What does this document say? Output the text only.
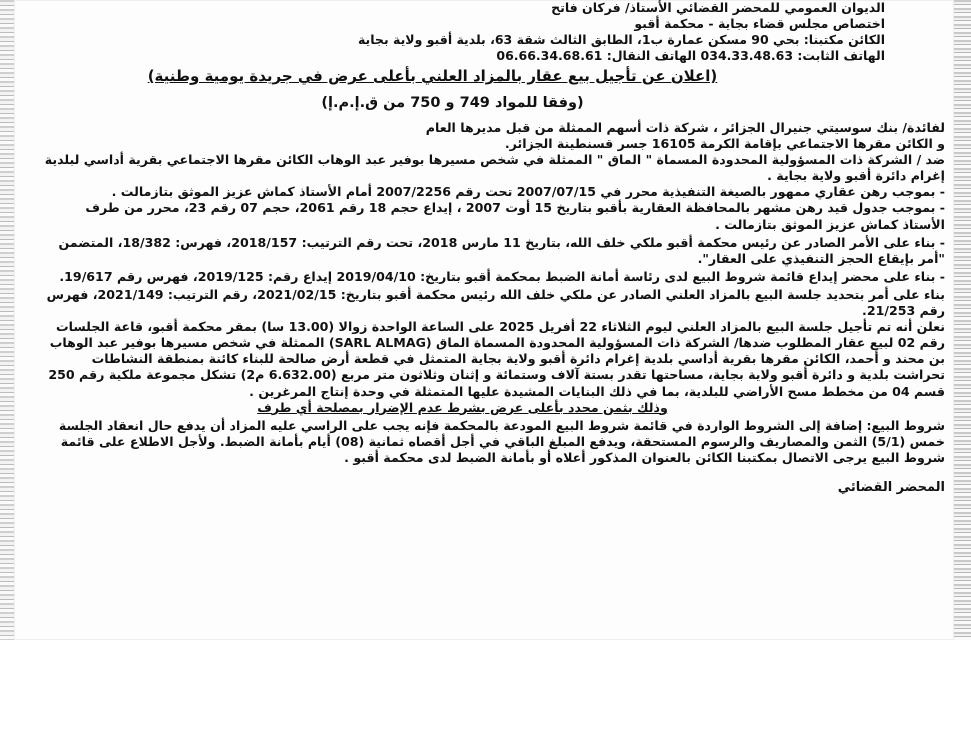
الديوان العمومي للمحضر القضائي الأستاذ/ فركان فاتح
اختصاص مجلس قضاء بجاية - محكمة أقبو
الكائن مكتبنا: بحي 90 مسكن عمارة ب1، الطابق الثالث شقة 63، بلدية أقبو ولاية بجاية
الهاتف الثابت: 034.33.48.63 الهاتف النقال: 06.66.34.68.61
(اعلان عن تأجيل بيع عقار بالمزاد العلني بأعلى عرض في جريدة يومية وطنية)
(وفقا للمواد 749 و 750 من ق.إ.م.إ)

لفائدة/ بنك سوسيتي جنيرال الجزائر ، شركة ذات أسهم الممثلة من قبل مديرها العام

و الكائن مقرها الاجتماعي بإقامة الكرمة 16105 جسر قسنطينة الجزائر.

ضد / الشركة ذات المسؤولية المحدودة المسماة " الماق " الممثلة في شخص مسيرها بوفير عبد الوهاب الكائن مقرها الاجتماعي بقرية أداسي لبلدية إغرام دائرة أقبو ولاية بجاية .

- بموجب رهن عقاري ممهور بالصيغة التنفيذية محرر في 2007/07/15 تحت رقم 2007/2256 أمام الأستاذ كماش عزيز الموثق بتازمالت .

- بموجب جدول قيد رهن مشهر بالمحافظة العقارية بأقبو بتاريخ 15 أوت 2007 ، إيداع حجم 18 رقم 2061، حجم 07 رقم 23، محرر من طرف الأستاذ كماش عزيز الموثق بتازمالت .

- بناء على الأمر الصادر عن رئيس محكمة أقبو ملكي خلف الله، بتاريخ 11 مارس 2018، تحت رقم الترتيب: 2018/157، فهرس: 18/382، المتضمن "أمر بإيقاع الحجز التنفيذي على العقار".

- بناء على محضر إيداع قائمة شروط البيع لدى رئاسة أمانة الضبط بمحكمة أقبو بتاريخ: 2019/04/10 إيداع رقم: 2019/125، فهرس رقم 19/617.

بناء على أمر بتحديد جلسة البيع بالمزاد العلني الصادر عن ملكي خلف الله رئيس محكمة أقبو بتاريخ: 2021/02/15، رقم الترتيب: 2021/149، فهرس رقم 21/253.

نعلن أنه تم تأجيل جلسة البيع بالمزاد العلني ليوم الثلاثاء 22 أفريل 2025 على الساعة الواحدة زوالا (13.00 سا) بمقر محكمة أقبو، قاعة الجلسات رقم 02 لبيع عقار المطلوب ضدها/ الشركة ذات المسؤولية المحدودة المسماة الماق (SARL ALMAG) الممثلة في شخص مسيرها بوفير عبد الوهاب بن محند و أحمد، الكائن مقرها بقرية أداسي بلدية إغرام دائرة أقبو ولاية بجاية المتمثل في قطعة أرض صالحة للبناء كائنة بمنطقة النشاطات تحراشت بلدية و دائرة أقبو ولاية بجاية، مساحتها تقدر بستة آلاف وستمائة و إثنان وثلاثون متر مربع (6.632.00 م2) تشكل مجموعة ملكية رقم 250 قسم 04 من مخطط مسح الأراضي للبلدية، بما في ذلك البنايات المشيدة عليها المتمثلة في وحدة إنتاج المرغرين .

وذلك بثمن محدد بأعلى عرض بشرط عدم الإضرار بمصلحة أي طرف

شروط البيع: إضافة إلى الشروط الواردة في قائمة شروط البيع المودعة بالمحكمة فإنه يجب على الراسي عليه المزاد أن يدفع حال انعقاد الجلسة خمس (5/1) الثمن والمصاريف والرسوم المستحقة، ويدفع المبلغ الباقي في أجل أقصاه ثمانية (08) أيام بأمانة الضبط. ولأجل الاطلاع على قائمة شروط البيع يرجى الاتصال بمكتبنا الكائن بالعنوان المذكور أعلاه أو بأمانة الضبط لدى محكمة أقبو .

المحضر القضائي
